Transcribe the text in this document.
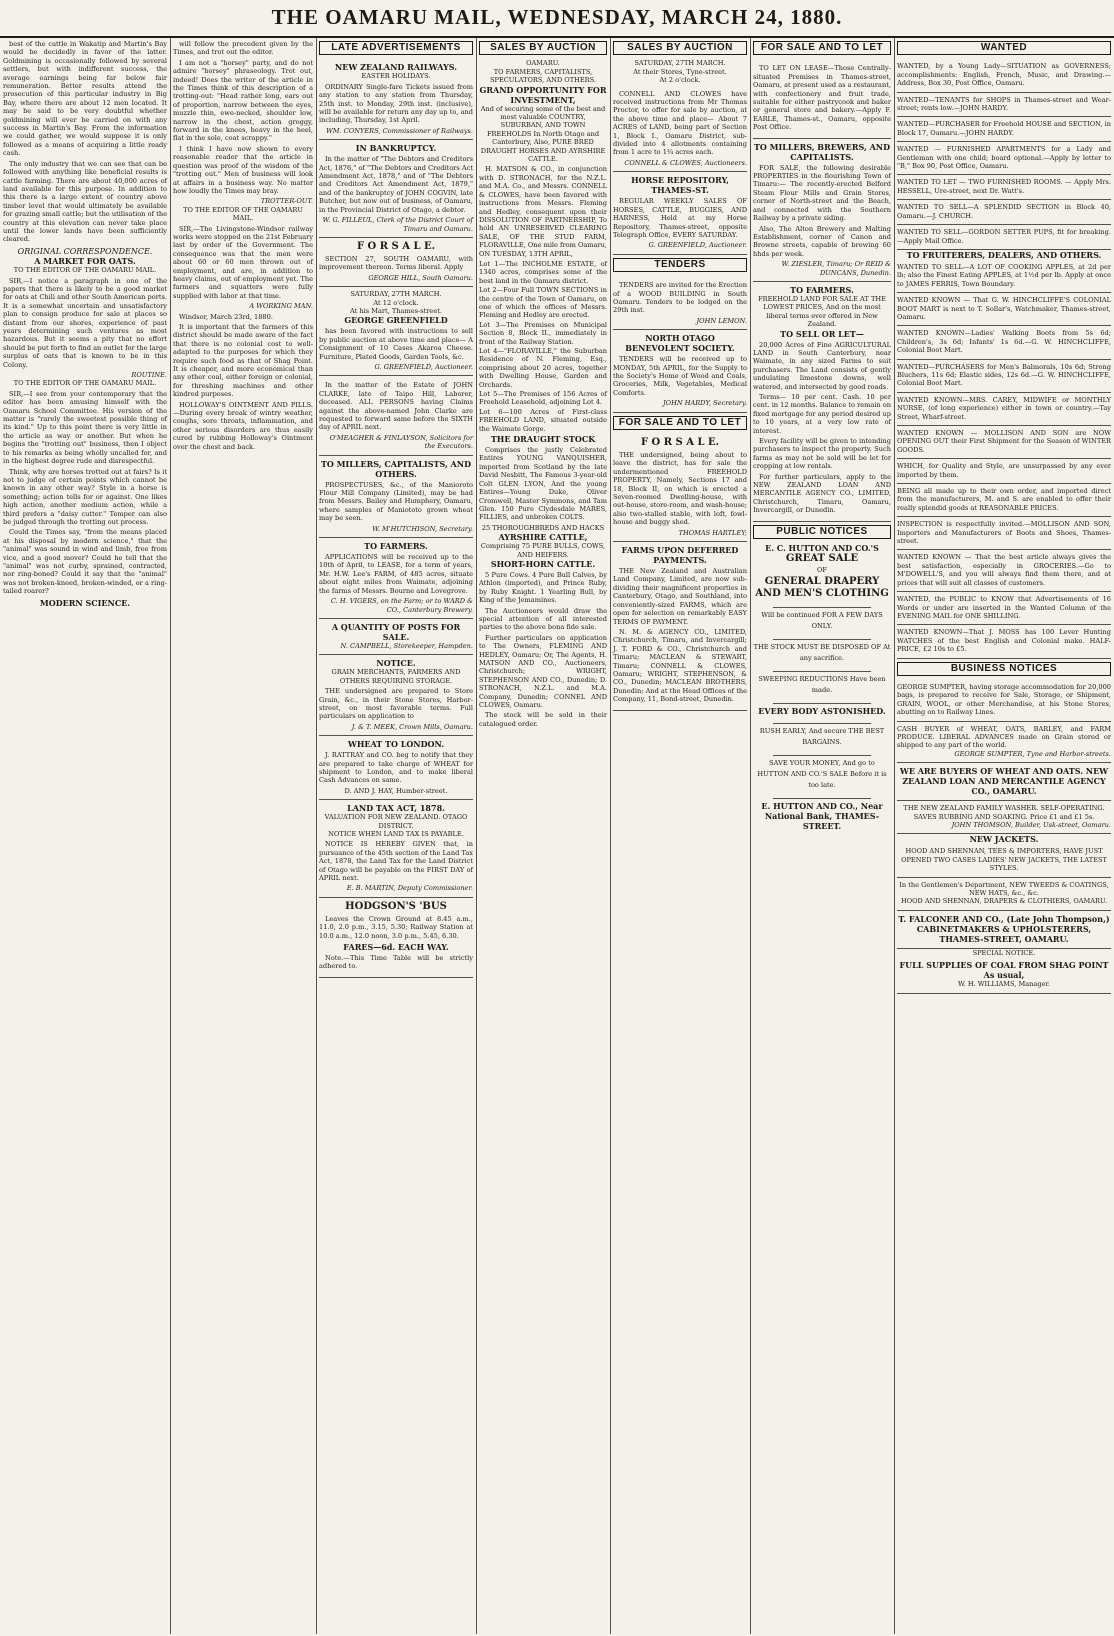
THE OAMARU MAIL, WEDNESDAY, MARCH 24, 1880.
best of the cattle in Wakatip and Martin's Bay would be decidedly in favor of the latter. Goldmining is occasionally followed by several settlers, but with indifferent success, the average earnings being far below fair remuneration. Better results attend the prosecution of this particular industry in Big Bay, where there are about 12 men located. It may be said to be very doubtful whether goldmining will ever be carried on with any success in Martin's Bay. From the information we could gather, we would suppose it is only followed as a means of acquiring a little ready cash.
The only industry that we can see that can be followed with anything like beneficial results is cattle farming. There are about 40,000 acres of land available for this purpose. In addition to this there is a large extent of country above timber level that would ultimately be available for grazing small cattle; but the utilisation of the country at this elevation can never take place until the lower lands have been sufficiently cleared.
ORIGINAL CORRESPONDENCE.
A MARKET FOR OATS.
TO THE EDITOR OF THE OAMARU MAIL.
SIR,—I notice a paragraph in one of the papers that there is likely to be a good market for oats at Chili and other South American ports. It is a somewhat uncertain and unsatisfactory plan to consign produce for sale at places so distant from our shores, experience of past years determining such ventures as most hazardous. But it seems a pity that no effort should be put forth to find an outlet for the large surplus of oats that is known to be in this Colony.
ROUTINE.
TO THE EDITOR OF THE OAMARU MAIL.
SIR,—I see from your contemporary that the editor has been amusing himself with the Oamaru School Committee. His version of the matter is "rarely the sweetest possible thing of its kind." Up to this point there is very little in the article as way or another. But when he begins the "trotting out" business, then I object to his remarks as being wholly uncalled for, and in the highest degree rude and disrespectful.
Think, why are horses trotted out at fairs? Is it not to judge of certain points which cannot be known in any other way? Style in a horse is something; action tells for or against. One likes high action, another medium action, while a third prefers a "daisy cutter." Temper can also be judged through the trotting out process.
Could the Times say, "from the means placed at his disposal by modern science," that the "animal" was sound in wind and limb, free from vice, and a good mover? Could he tell that the "animal" was not curby, sprained, contracted, nor ring-boned? Could it say that the "animal" was not broken-kneed, broken-winded, or a ring-tailed roarer?
MODERN SCIENCE.
will follow the precedent given by the Times, and trot out the editor.
I am not a "horsey" party, and do not admire "horsey" phraseology. Trot out, indeed! Does the writer of the article in the Times think of this description of a trotting-out: "Head rather long, ears out of proportion, narrow between the eyes, muzzle thin, ewe-necked, shoulder low, narrow in the chest, action groggy, forward in the knees, heavy in the heel, flat in the sole, coat scrappy."
I think I have now shown to every reasonable reader that the article in question was proof of the wisdom of the "trotting out." Men of business will look at affairs in a business way. No matter how loudly the Times may bray.
TROTTER-OUT.
TO THE EDITOR OF THE OAMARU MAIL.
SIR,—The Livingstone-Windsor railway works were stopped on the 21st February last by order of the Government. The consequence was that the men were about 60 or 60 men thrown out of employment, and are, in addition to heavy claims, out of employment yet. The farmers and squatters were fully supplied with labor at that time.
A WORKING MAN.
Windsor, March 23rd, 1880.
It is important that the farmers of this district should be made aware of the fact that there is no colonial cost to well-adapted to the purposes for which they require such food as that of Shag Point. It is cheaper, and more economical than any other coal, either foreign or colonial, for threshing machines and other kindred purposes.
HOLLOWAY'S OINTMENT AND PILLS.—During every break of wintry weather, coughs, sore throats, inflammation, and other serious disorders are thus easily cured by rubbing Holloway's Ointment over the chest and back.
LATE ADVERTISEMENTS
NEW ZEALAND RAILWAYS.
EASTER HOLIDAYS.
ORDINARY Single-fare Tickets issued from any station to any station from Thursday, 25th inst. to Monday, 29th inst. (inclusive), will be available for return any day up to, and including, Thursday, 1st April.
WM. CONYERS, Commissioner of Railways.
IN BANKRUPTCY.
In the matter of "The Debtors and Creditors Act, 1876," of "The Debtors and Creditors Act Amendment Act, 1878," and of "The Debtors and Creditors Act Amendment Act, 1879," and of the bankruptcy of JOHN COGVIN, late Butcher, but now out of business, of Oamaru, in the Provincial District of Otago, a debtor.
W. G. FILLEUL, Clerk of the District Court of Timaru and Oamaru.
F O R S A L E.
SECTION 27, SOUTH OAMARU, with improvement thereon. Terms liberal. Apply
GEORGE HILL, South Oamaru.
SATURDAY, 27TH MARCH.
At 12 o'clock.
At his Mart, Thames-street.
GEORGE GREENFIELD
has been favored with instructions to sell by public auction at above time and place— A Consignment of 10 Cases Akaroa Cheese. Furniture, Plated Goods, Garden Tools, &c.
G. GREENFIELD, Auctioneer.
In the matter of the Estate of JOHN CLARKE, late of Taipo Hill, Laborer, deceased. ALL PERSONS having Claims against the above-named John Clarke are requested to forward same before the SIXTH day of APRIL next.
O'MEAGHER & FINLAYSON, Solicitors for the Executors.
TO MILLERS, CAPITALISTS, AND OTHERS.
PROSPECTUSES, &c., of the Manioroto Flour Mill Company (Limited), may be had from Messrs. Bailey and Humphery, Oamaru, where samples of Maniototo grown wheat may be seen.
W. M'HUTCHISON, Secretary.
TO FARMERS.
APPLICATIONS will be received up to the 10th of April, to LEASE, for a term of years, Mr. H.W. Lee's FARM, of 485 acres, situate about eight miles from Waimate, adjoining the farms of Messrs. Bourne and Lovegrove.
C. H. VIGERS, on the Farm; or to WARD & CO., Canterbury Brewery.
A QUANTITY OF POSTS FOR SALE.
N. CAMPBELL, Storekeeper, Hampden.
NOTICE.
GRAIN MERCHANTS, FARMERS AND OTHERS REQUIRING STORAGE.
THE undersigned are prepared to Store Grain, &c., in their Stone Stores, Harbor-street, on most favorable terms. Full particulars on application to
J. & T. MEEK, Crown Mills, Oamaru.
WHEAT TO LONDON.
J. RATTRAY and CO. beg to notify that they are prepared to take charge of WHEAT for shipment to London, and to make liberal Cash Advances on same.
D. AND J. HAY, Humber-street.
LAND TAX ACT, 1878.
VALUATION FOR NEW ZEALAND. OTAGO DISTRICT.
NOTICE WHEN LAND TAX IS PAYABLE.
NOTICE IS HEREBY GIVEN that, in pursuance of the 45th section of the Land Tax Act, 1878, the Land Tax for the Land District of Otago will be payable on the FIRST DAY of APRIL next.
E. B. MARTIN, Deputy Commissioner.
HODGSON'S 'BUS
Leaves the Crown Ground at 8.45 a.m., 11.0, 2.0 p.m., 3.15, 5.30; Railway Station at 10.0 a.m., 12.0 noon, 3.0 p.m., 5.45, 6.30.
FARES—6d. EACH WAY.
Note.—This Time Table will be strictly adhered to.
SALES BY AUCTION
OAMARU.
TO FARMERS, CAPITALISTS, SPECULATORS, AND OTHERS.
GRAND OPPORTUNITY FOR INVESTMENT,
And of securing some of the best and most valuable COUNTRY, SUBURBAN, AND TOWN FREEHOLDS In North Otago and Canterbury, Also, PURE BRED DRAUGHT HORSES AND AYRSHIRE CATTLE.
H. MATSON & CO., in conjunction with D. STRONACH, for the N.Z.L. and M.A. Co., and Messrs. CONNELL & CLOWES, have been favored with instructions from Messrs. Fleming and Hedley, consequent upon their DISSOLUTION OF PARTNERSHIP, To hold AN UNRESERVED CLEARING SALE, OF THE STUD FARM, FLORAVILLE, One mile from Oamaru, ON TUESDAY, 13TH APRIL,
Lot 1—The INCHOLME ESTATE, of 1340 acres, comprises some of the best land in the Oamaru district.
Lot 2—Four Full TOWN SECTIONS in the centre of the Town of Oamaru, on one of which the offices of Messrs. Fleming and Hedley are erected.
Lot 3—The Premises on Municipal Section 8, Block II., immediately in front of the Railway Station.
Lot 4—"FLORAVILLE," the Suburban Residence of N. Fleming, Esq., comprising about 20 acres, together with Dwelling House, Garden and Orchards.
Lot 5—The Premises of 156 Acres of Freehold Leasehold, adjoining Lot 4.
Lot 6—100 Acres of First-class FREEHOLD LAND, situated outside the Waimate Gorge.
THE DRAUGHT STOCK
Comprises the justly Celebrated Entires YOUNG VANQUISHER, imported from Scotland by the late David Nesbitt, The Famous 3-year-old Colt GLEN LYON, And the young Entires—Young Duke, Oliver Cromwell, Master Symmons, and Tam Glen. 150 Pure Clydesdale MARES, FILLIES, and unbroken COLTS.
25 THOROUGHBREDS AND HACKS
AYRSHIRE CATTLE,
Comprising 75 PURE BULLS, COWS, AND HEIFERS.
SHORT-HORN CATTLE.
5 Pure Cows. 4 Pure Bull Calves, by Athlon (imported), and Prince Ruby, by Ruby Knight. 1 Yearling Bull, by King of the Jemamines.
The Auctioneers would draw the special attention of all interested parties to the above bona fide sale.
Further particulars on application to The Owners, FLEMING AND HEDLEY, Oamaru; Or, The Agents, H. MATSON AND CO., Auctioneers, Christchurch; WRIGHT, STEPHENSON AND CO., Dunedin; D. STRONACH, N.Z.L. and M.A. Company, Dunedin; CONNEL AND CLOWES, Oamaru.
The stock will be sold in their catalogued order.
SALES BY AUCTION
SATURDAY, 27TH MARCH.
At their Stores, Tyne-street.
At 2 o'clock.
CONNELL AND CLOWES have received instructions from Mr Thomas Proctor, to offer for sale by auction, at the above time and place— About 7 ACRES of LAND, being part of Section 1, Block I., Oamaru District, sub-divided into 4 allotments containing from 1 acre to 1¾ acres each.
CONNELL & CLOWES, Auctioneers.
HORSE REPOSITORY, THAMES-ST.
REGULAR WEEKLY SALES OF HORSES, CATTLE, BUGGIES, AND HARNESS, Held at my Horse Repository, Thames-street, opposite Telegraph Office, EVERY SATURDAY.
G. GREENFIELD, Auctioneer.
TENDERS
TENDERS are invited for the Erection of a WOOD BUILDING in South Oamaru. Tenders to be lodged on the 29th inst.
JOHN LEMON.
NORTH OTAGO BENEVOLENT SOCIETY.
TENDERS will be received up to MONDAY, 5th APRIL, for the Supply to the Society's Home of Wood and Coals, Groceries, Milk, Vegetables, Medical Comforts.
JOHN HARDY, Secretary.
FOR SALE AND TO LET
F O R S A L E.
THE undersigned, being about to leave the district, has for sale the undermentioned FREEHOLD PROPERTY, Namely, Sections 17 and 18, Block II, on which is erected a Seven-roomed Dwelling-house, with out-house, store-room, and wash-house; also two-stalled stable, with loft, fowl-house and buggy shed.
THOMAS HARTLEY;
FARMS UPON DEFERRED PAYMENTS.
THE New Zealand and Australian Land Company, Limited, are now sub-dividing their magnificent properties in Canterbury, Otago, and Southland, into conveniently-sized FARMS, which are open for selection on remarkably EASY TERMS OF PAYMENT.
N. M. & AGENCY CO., LIMITED, Christchurch, Timaru, and Invercargill; J. T. FORD & CO., Christchurch and Timaru; MACLEAN & STEWART, Timaru; CONNELL & CLOWES, Oamaru; WRIGHT, STEPHENSON, & CO., Dunedin; MACLEAN BROTHERS, Dunedin; And at the Head Offices of the Company, 11, Bond-street, Dunedin.
FOR SALE AND TO LET
TO LET ON LEASE—Those Centrally-situated Premises in Thames-street, Oamaru, at present used as a restaurant, with confectionery and fruit trade, suitable for either pastrycook and baker or general store and bakery.—Apply F. EARLE, Thames-st., Oamaru, opposite Post Office.
TO MILLERS, BREWERS, AND CAPITALISTS.
FOR SALE, the following desirable PROPERTIES in the flourishing Town of Timaru:— The recently-erected Belford Steam Flour Mills and Grain Stores, corner of North-street and the Beach, and connected with the Southern Railway by a private siding.
Also, The Alton Brewery and Malting Establishment, corner of Canon and Browne streets, capable of brewing 60 hhds per week.
W. ZIESLER, Timaru; Or REID & DUNCANS, Dunedin.
TO FARMERS.
FREEHOLD LAND FOR SALE AT THE LOWEST PRICES, And on the most liberal terms ever offered in New Zealand.
TO SELL OR LET—
20,000 Acres of Fine AGRICULTURAL LAND in South Canterbury, near Waimate, in any sized Farms to suit purchasers. The Land consists of gently undulating limestone downs, well watered, and intersected by good roads.
Terms— 10 per cent. Cash. 10 per cent. in 12 months. Balance to remain on fixed mortgage for any period desired up to 10 years, at a very low rate of interest.
Every facility will be given to intending purchasers to inspect the property. Such farms as may not be sold will be let for cropping at low rentals.
For further particulars, apply to the NEW ZEALAND LOAN AND MERCANTILE AGENCY CO., LIMITED, Christchurch, Timaru, Oamaru, Invercargill, or Dunedin.
PUBLIC NOTICES
E. C. HUTTON AND CO.'S
GREAT SALE
OF
GENERAL DRAPERY AND MEN'S CLOTHING
Will be continued FOR A FEW DAYS ONLY.
THE STOCK MUST BE DISPOSED OF At any sacrifice.
SWEEPING REDUCTIONS Have been made.
EVERY BODY ASTONISHED.
RUSH EARLY, And secure THE BEST BARGAINS.
SAVE YOUR MONEY, And go to HUTTON AND CO.'S SALE Before it is too late.
E. HUTTON AND CO., Near National Bank, THAMES-STREET.
WANTED
WANTED, by a Young Lady—SITUATION as GOVERNESS; accomplishments: English, French, Music, and Drawing.—Address, Box 30, Post Office, Oamaru.
WANTED—TENANTS for SHOPS in Thames-street and Wear-street; rents low.—JOHN HARDY.
WANTED—PURCHASER for Freehold HOUSE and SECTION, in Block 17, Oamaru.—JOHN HARDY.
WANTED — FURNISHED APARTMENTS for a Lady and Gentleman with one child; board optional.—Apply by letter to "B," Box 90, Post Office, Oamaru.
WANTED TO LET — TWO FURNISHED ROOMS. — Apply Mrs. HESSELL, Ure-street, next Dr. Watt's.
WANTED TO SELL—A SPLENDID SECTION in Block 40, Oamaru.—J. CHURCH.
WANTED TO SELL—GORDON SETTER PUPS, fit for breaking.—Apply Mail Office.
TO FRUITERERS, DEALERS, AND OTHERS.
WANTED TO SELL—A LOT OF COOKING APPLES, at 2d per lb; also the Finest Eating APPLES, at 1½d per lb. Apply at once to JAMES FERRIS, Town Boundary.
WANTED KNOWN — That G. W. HINCHCLIFFE'S COLONIAL BOOT MART is next to T. Sollar's, Watchmaker, Thames-street, Oamaru.
WANTED KNOWN—Ladies' Walking Boots from 5s 6d; Children's, 3s 6d; Infants' 1s 6d.—G. W. HINCHCLIFFE, Colonial Boot Mart.
WANTED—PURCHASERS for Men's Balmorals, 10s 6d; Strong Bluchers, 11s 6d; Elastic sides, 12s 6d.—G. W. HINCHCLIFFE, Colonial Boot Mart.
WANTED KNOWN—MRS. CAREY, MIDWIFE or MONTHLY NURSE, (of long experience) either in town or country.—Tay Street, Wharf-street.
WANTED KNOWN — MOLLISON AND SON are NOW OPENING OUT their First Shipment for the Season of WINTER GOODS.
WHICH, for Quality and Style, are unsurpassed by any ever imported by them.
BEING all made up to their own order, and imported direct from the manufacturers, M. and S. are enabled to offer their really splendid goods at REASONABLE PRICES.
INSPECTION is respectfully invited.—MOLLISON AND SON, Importers and Manufacturers of Boots and Shoes, Thames-street.
WANTED KNOWN — That the best article always gives the best satisfaction, especially in GROCERIES.—Go to M'DOWELL'S, and you will always find them there, and at prices that will suit all classes of customers.
WANTED, the PUBLIC to KNOW that Advertisements of 16 Words or under are inserted in the Wanted Column of the EVENING MAIL for ONE SHILLING.
WANTED KNOWN—That J. MOSS has 100 Lever Hunting WATCHES of the best English and Colonial make. HALF-PRICE, £2 10s to £5.
BUSINESS NOTICES
GEORGE SUMPTER, having storage accommodation for 20,000 bags, is prepared to receive for Sale, Storage, or Shipment, GRAIN, WOOL, or other Merchandise, at his Stone Stores, abutting on to Railway Lines.
CASH BUYER of WHEAT, OATS, BARLEY, and FARM PRODUCE. LIBERAL ADVANCES made on Grain stored or shipped to any part of the world.
GEORGE SUMPTER, Tyne and Harbor-streets.
WE ARE BUYERS OF WHEAT AND OATS. NEW ZEALAND LOAN AND MERCANTILE AGENCY CO., OAMARU.
THE NEW ZEALAND FAMILY WASHER. SELF-OPERATING. SAVES RUBBING AND SOAKING. Price £1 and £1 5s.
JOHN THOMSON, Builder, Usk-street, Oamaru.
NEW JACKETS.
HOOD AND SHENNAN, TEES & IMPORTERS, HAVE JUST OPENED TWO CASES LADIES' NEW JACKETS, THE LATEST STYLES.
In the Gentlemen's Department, NEW TWEEDS & COATINGS, NEW HATS, &c., &c.
HOOD AND SHENNAN, DRAPERS & CLOTHIERS, OAMARU.
T. FALCONER AND CO., (Late John Thompson,) CABINETMAKERS & UPHOLSTERERS, THAMES-STREET, OAMARU.
SPECIAL NOTICE.
FULL SUPPLIES OF COAL FROM SHAG POINT As usual,
W. H. WILLIAMS, Manager.
